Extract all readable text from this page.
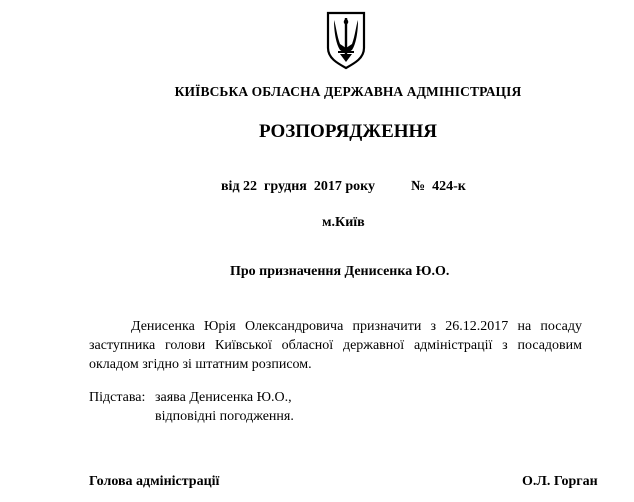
КИЇВСЬКА ОБЛАСНА ДЕРЖАВНА АДМІНІСТРАЦІЯ
РОЗПОРЯДЖЕННЯ
від 22  грудня  2017 року	№  424-к
м.Київ
Про призначення Денисенка Ю.О.
Денисенка Юрія Олександровича призначити з 26.12.2017 на посаду
заступника голови Київської обласної державної адміністрації з посадовим
окладом згідно зі штатним розписом.
Підстава: заява Денисенка Ю.О.,
відповідні погодження.
Голова адміністрації	О.Л. Горган
